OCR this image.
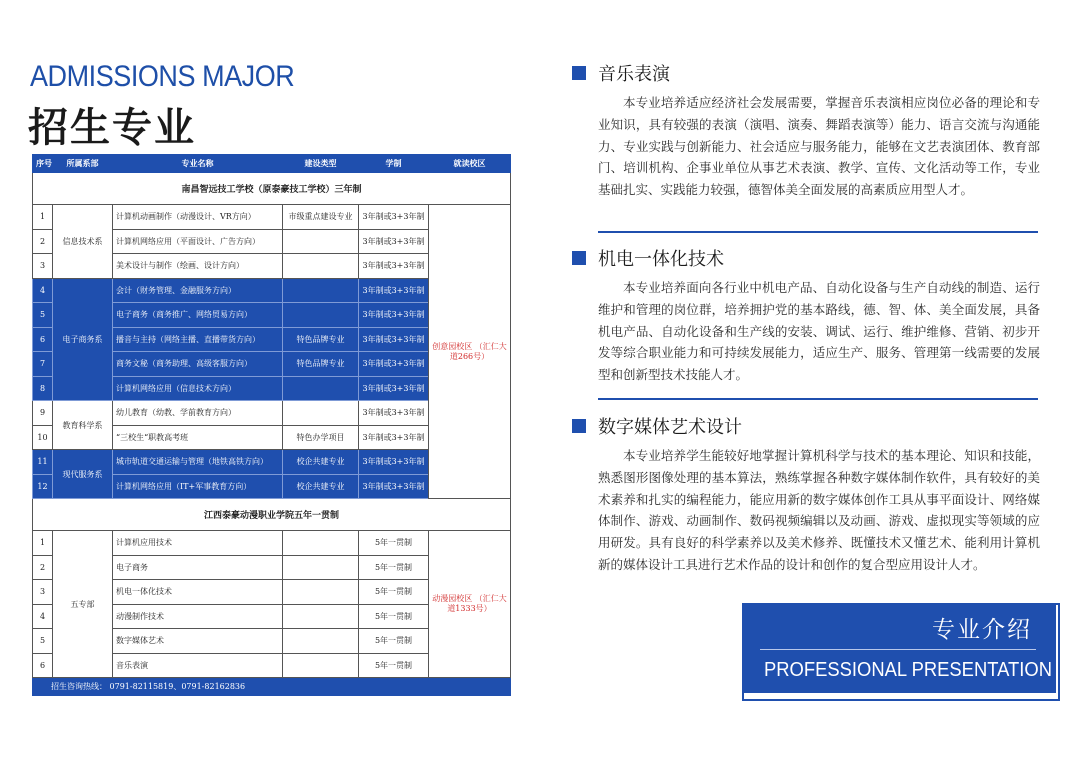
ADMISSIONS MAJOR
招生专业
序号	所属系部	专业名称	建设类型	学制	就读校区
南昌智远技工学校（原泰豪技工学校）三年制					
1	信息技术系	计算机动画制作（动漫设计、VR方向）	市级重点建设专业	3年制或3+3年制	创意园校区 （汇仁大道266号）
2		计算机网络应用（平面设计、广告方向）		3年制或3+3年制	
3		美术设计与制作（绘画、设计方向）		3年制或3+3年制	
4	电子商务系	会计（财务管理、金融服务方向）		3年制或3+3年制	
5		电子商务（商务推广、网络贸易方向）		3年制或3+3年制	
6		播音与主持（网络主播、直播带货方向）	特色品牌专业	3年制或3+3年制	
7		商务文秘（商务助理、高级客服方向）	特色品牌专业	3年制或3+3年制	
8		计算机网络应用（信息技术方向）		3年制或3+3年制	
9	教育科学系	幼儿教育（幼教、学前教育方向）		3年制或3+3年制	
10		“三校生“职教高考班	特色办学项目	3年制或3+3年制	
11	现代服务系	城市轨道交通运输与管理（地铁高铁方向）	校企共建专业	3年制或3+3年制	
12		计算机网络应用（IT+军事教育方向）	校企共建专业	3年制或3+3年制	
江西泰豪动漫职业学院五年一贯制					
1	五专部	计算机应用技术		5年一贯制	动漫园校区 （汇仁大道1333号）
2		电子商务		5年一贯制	
3		机电一体化技术		5年一贯制	
4		动漫制作技术		5年一贯制	
5		数字媒体艺术		5年一贯制	
6		音乐表演		5年一贯制	
招生咨询热线： 0791-82115819、0791-82162836					
音乐表演

本专业培养适应经济社会发展需要，掌握音乐表演相应岗位必备的理论和专业知识，具有较强的表演（演唱、演奏、舞蹈表演等）能力、语言交流与沟通能力、专业实践与创新能力、社会适应与服务能力，能够在文艺表演团体、教育部门、培训机构、企事业单位从事艺术表演、教学、宣传、文化活动等工作，专业基础扎实、实践能力较强，德智体美全面发展的高素质应用型人才。

机电一体化技术

本专业培养面向各行业中机电产品、自动化设备与生产自动线的制造、运行维护和管理的岗位群，培养拥护党的基本路线，德、智、体、美全面发展，具备机电产品、自动化设备和生产线的安装、调试、运行、维护维修、营销、初步开发等综合职业能力和可持续发展能力，适应生产、服务、管理第一线需要的发展型和创新型技术技能人才。

数字媒体艺术设计

本专业培养学生能较好地掌握计算机科学与技术的基本理论、知识和技能，熟悉图形图像处理的基本算法，熟练掌握各种数字媒体制作软件，具有较好的美术素养和扎实的编程能力，能应用新的数字媒体创作工具从事平面设计、网络媒体制作、游戏、动画制作、数码视频编辑以及动画、游戏、虚拟现实等领域的应用研发。具有良好的科学素养以及美术修养、既懂技术又懂艺术、能利用计算机新的媒体设计工具进行艺术作品的设计和创作的复合型应用设计人才。

专业介绍
PROFESSIONAL PRESENTATION
